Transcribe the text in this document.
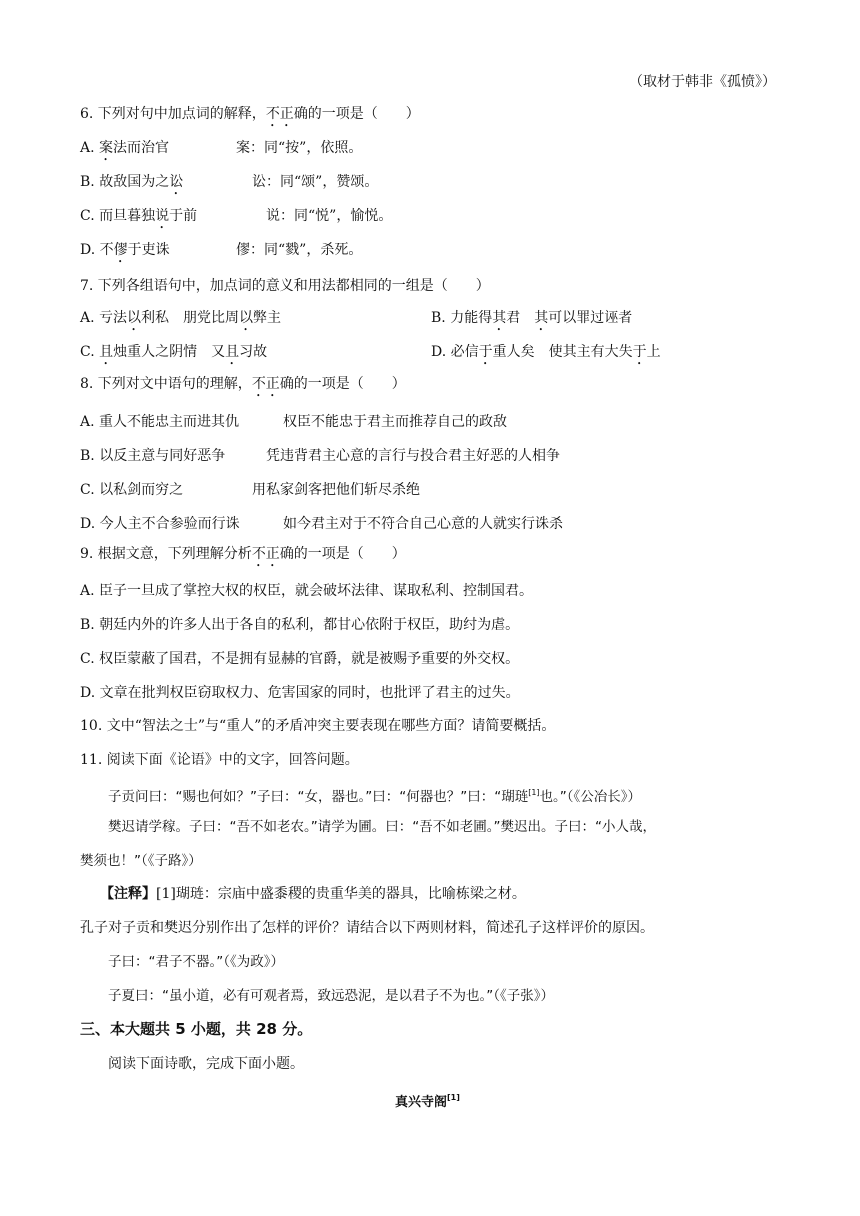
（取材于韩非《孤愤》）
6. 下列对句中加点词的解释，不正确的一项是（　　）
A. 案法而治官	案：同“按”，依照。
B. 故敌国为之讼	讼：同“颂”，赞颂。
C. 而旦暮独说于前	说：同“悦”，愉悦。
D. 不僇于吏诛	僇：同“戮”，杀死。
7. 下列各组语句中，加点词的意义和用法都相同的一组是（　　）
A. 亏法以利私　朋党比周以弊主	B. 力能得其君　其可以罪过诬者
C. 且烛重人之阴情　又且习故	D. 必信于重人矣　使其主有大失于上
8. 下列对文中语句的理解，不正确的一项是（　　）
A. 重人不能忠主而进其仇	权臣不能忠于君主而推荐自己的政敌
B. 以反主意与同好恶争	凭违背君主心意的言行与投合君主好恶的人相争
C. 以私剑而穷之	用私家剑客把他们斩尽杀绝
D. 今人主不合参验而行诛	如今君主对于不符合自己心意的人就实行诛杀
9. 根据文意，下列理解分析不正确的一项是（　　）
A. 臣子一旦成了掌控大权的权臣，就会破坏法律、谋取私利、控制国君。
B. 朝廷内外的许多人出于各自的私利，都甘心依附于权臣，助纣为虐。
C. 权臣蒙蔽了国君，不是拥有显赫的官爵，就是被赐予重要的外交权。
D. 文章在批判权臣窃取权力、危害国家的同时，也批评了君主的过失。
10. 文中“智法之士”与“重人”的矛盾冲突主要表现在哪些方面？请简要概括。
11. 阅读下面《论语》中的文字，回答问题。
子贡问曰：“赐也何如？”子曰：“女，器也。”曰：“何器也？”曰：“瑚琏[1]也。”（《公冶长》）
樊迟请学稼。子曰：“吾不如老农。”请学为圃。曰：“吾不如老圃。”樊迟出。子曰：“小人哉，
樊须也！”（《子路》）
【注释】[1]瑚琏：宗庙中盛黍稷的贵重华美的器具，比喻栋梁之材。
孔子对子贡和樊迟分别作出了怎样的评价？请结合以下两则材料，简述孔子这样评价的原因。
子曰：“君子不器。”（《为政》）
子夏曰：“虽小道，必有可观者焉，致远恐泥，是以君子不为也。”（《子张》）
三、本大题共 5 小题，共 28 分。
阅读下面诗歌，完成下面小题。
真兴寺阁[1]
